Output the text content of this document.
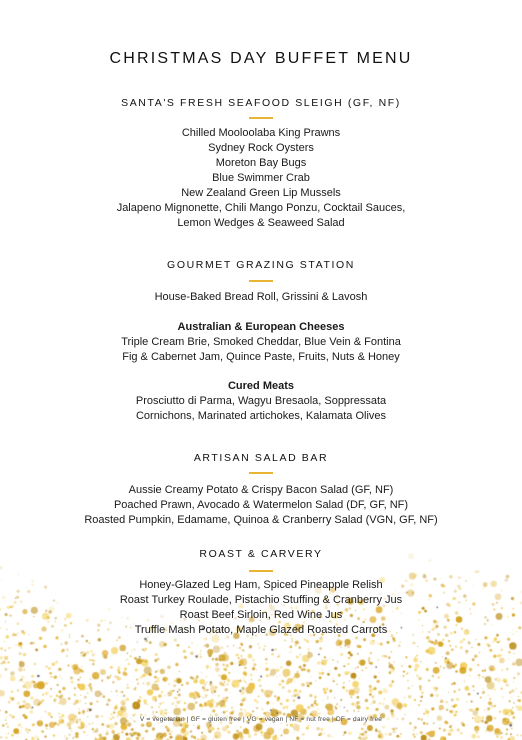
CHRISTMAS DAY BUFFET MENU
SANTA'S FRESH SEAFOOD SLEIGH (GF, NF)
Chilled Mooloolaba King Prawns
Sydney Rock Oysters
Moreton Bay Bugs
Blue Swimmer Crab
New Zealand Green Lip Mussels
Jalapeno Mignonette, Chili Mango Ponzu, Cocktail Sauces,
Lemon Wedges & Seaweed Salad
GOURMET GRAZING STATION
House-Baked Bread Roll, Grissini & Lavosh
Australian & European Cheeses
Triple Cream Brie, Smoked Cheddar, Blue Vein & Fontina
Fig & Cabernet Jam, Quince Paste, Fruits, Nuts & Honey
Cured Meats
Prosciutto di Parma, Wagyu Bresaola, Soppressata
Cornichons, Marinated artichokes, Kalamata Olives
ARTISAN SALAD BAR
Aussie Creamy Potato & Crispy Bacon Salad (GF, NF)
Poached Prawn, Avocado & Watermelon Salad (DF, GF, NF)
Roasted Pumpkin, Edamame, Quinoa & Cranberry Salad (VGN, GF, NF)
ROAST & CARVERY
Honey-Glazed Leg Ham, Spiced Pineapple Relish
Roast Turkey Roulade, Pistachio Stuffing & Cranberry Jus
Roast Beef Sirloin, Red Wine Jus
Truffle Mash Potato, Maple Glazed Roasted Carrots
V = vegetarian | GF = gluten free | VG = vegan | NF = nut free | DF = dairy free
